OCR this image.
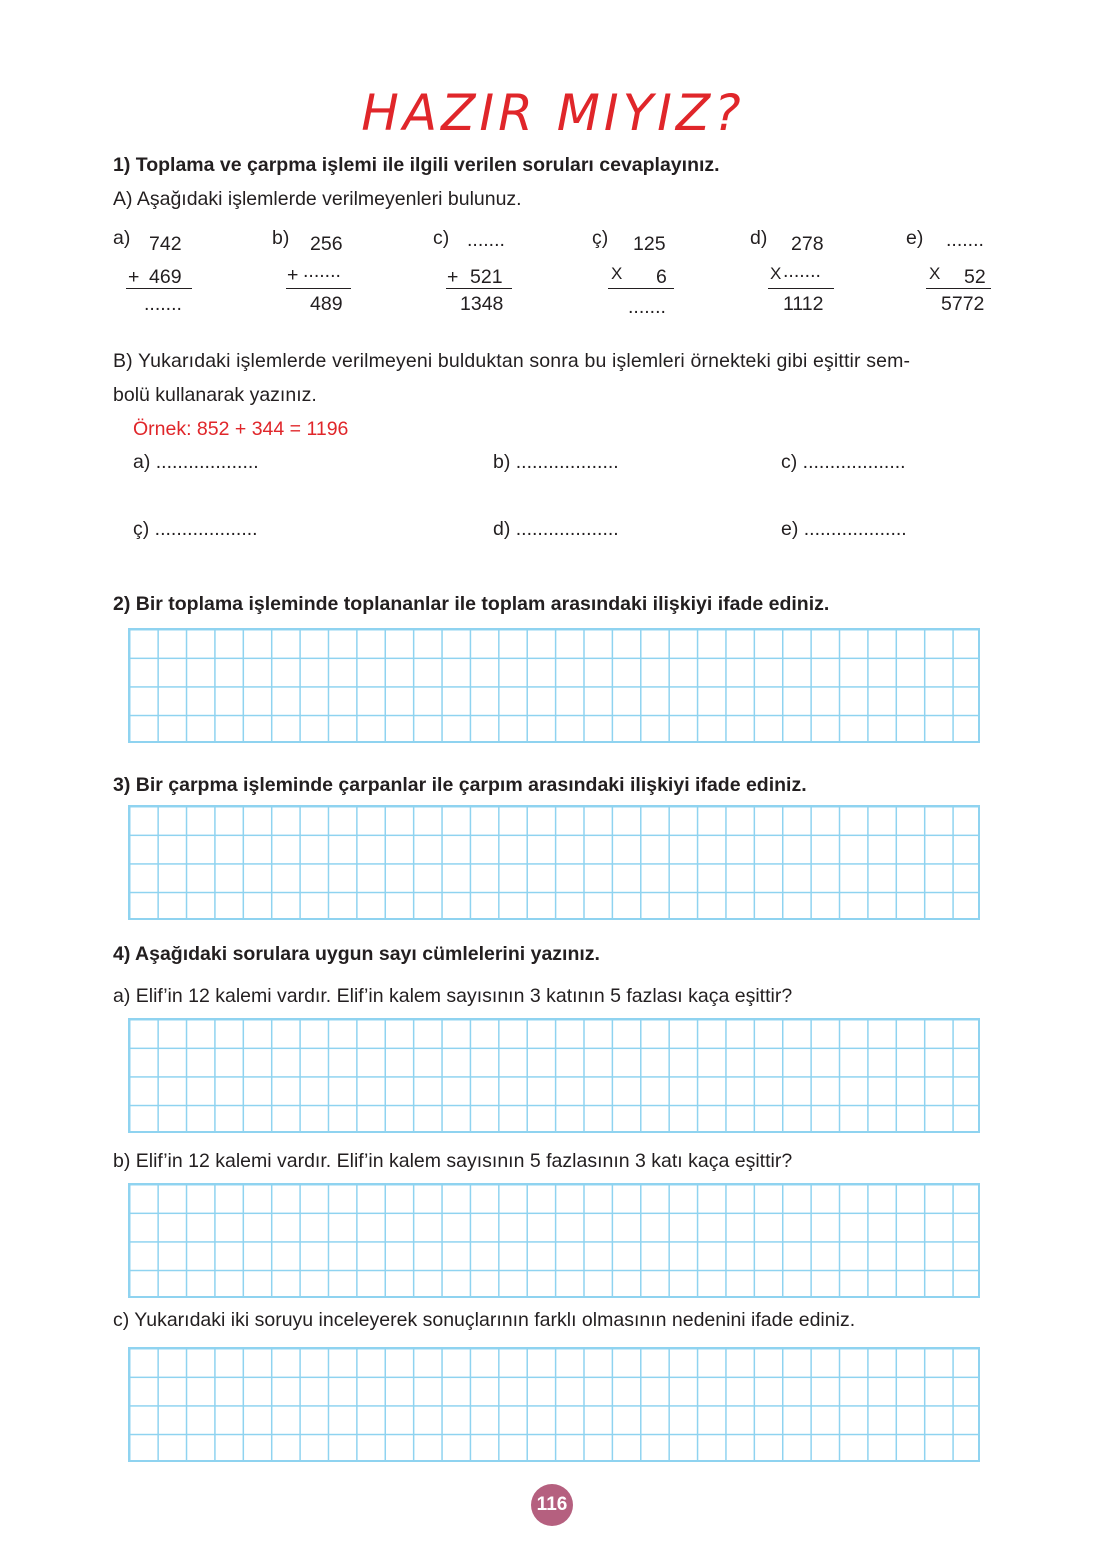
HAZIR MIYIZ?
1) Toplama ve çarpma işlemi ile ilgili verilen soruları cevaplayınız.
A) Aşağıdaki işlemlerde verilmeyenleri bulunuz.
a) 742
+ 469
.......
b) 256
+ .......
489
c) .......
+ 521
1348
ç) 125
X 6
.......
d) 278
X .......
1112
e) .......
X 52
5772
B) Yukarıdaki işlemlerde verilmeyeni bulduktan sonra bu işlemleri örnekteki gibi eşittir sem-
bolü kullanarak yazınız.
Örnek: 852 + 344 = 1196
a) ...................	b) ...................	c) ...................
ç) ...................	d) ...................	e) ...................
2) Bir toplama işleminde toplananlar ile toplam arasındaki ilişkiyi ifade ediniz.
3) Bir çarpma işleminde çarpanlar ile çarpım arasındaki ilişkiyi ifade ediniz.
4) Aşağıdaki sorulara uygun sayı cümlelerini yazınız.
a) Elif’in 12 kalemi vardır. Elif’in kalem sayısının 3 katının 5 fazlası kaça eşittir?
b) Elif’in 12 kalemi vardır. Elif’in kalem sayısının 5 fazlasının 3 katı kaça eşittir?
c) Yukarıdaki iki soruyu inceleyerek sonuçlarının farklı olmasının nedenini ifade ediniz.
116
